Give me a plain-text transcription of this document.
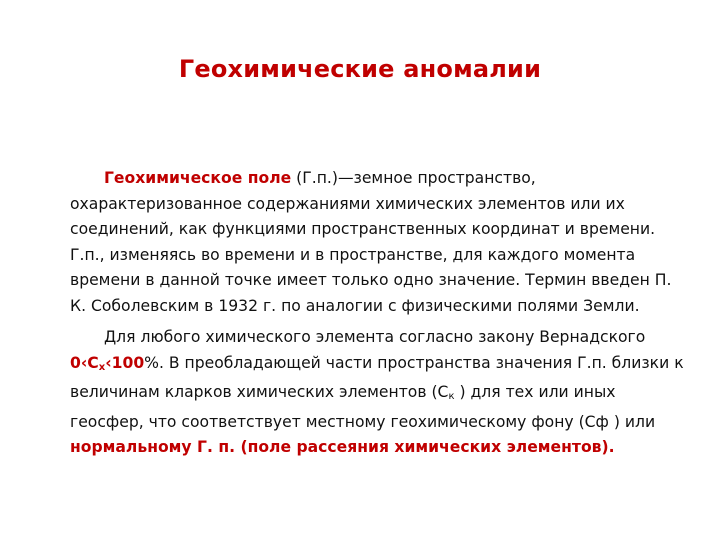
Геохимические аномалии
Геохимическое поле (Г.п.)—земное пространство, охарактеризованное содержаниями химических элементов или их соединений, как функциями пространственных координат и времени. Г.п., изменяясь во времени и в пространстве, для каждого момента времени в данной точке имеет только одно значение. Термин введен П. К. Соболевским в 1932 г. по аналогии с физическими полями Земли.
Для любого химического элемента согласно закону Вернадского $0‹С_x‹100\%$. В преобладающей части пространства значения Г.п. близки к величинам кларков химических элементов ($С_к$ ) для тех или иных геосфер, что соответствует местному геохимическому фону (Сф ) или нормальному Г. п. (поле рассеяния химических элементов).
